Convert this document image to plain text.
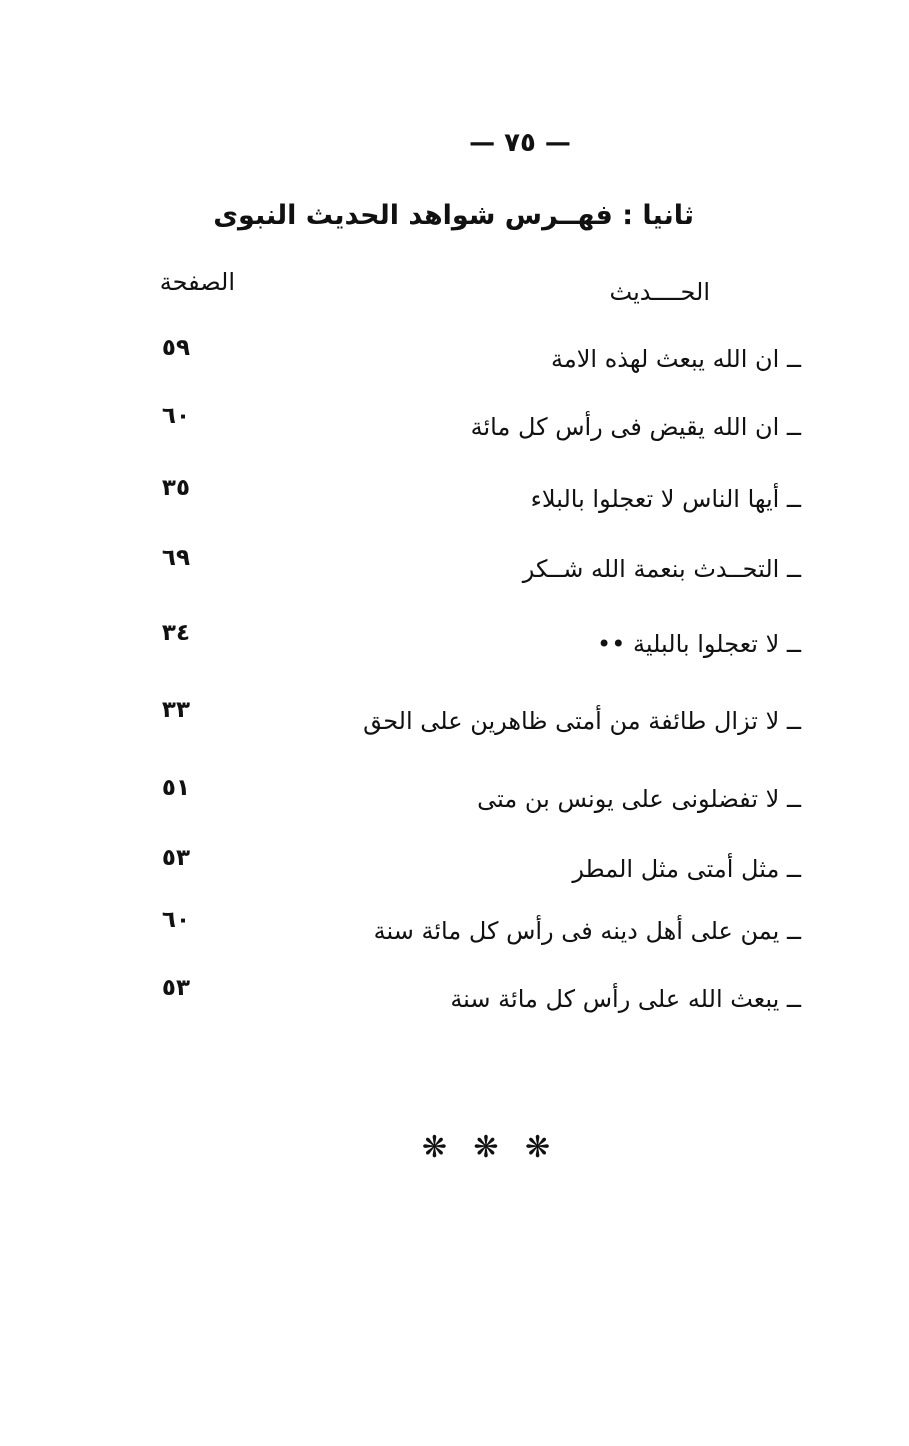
— ٧٥ —
ثانيا : فهــرس شواهد الحديث النبوى
الحــــديث
الصفحة
ــ ان الله يبعث لهذه الامة
٥٩
ــ ان الله يقيض فى رأس كل مائة
٦٠
ــ أيها الناس لا تعجلوا بالبلاء
٣٥
ــ التحــدث بنعمة الله شــكر
٦٩
ــ لا تعجلوا بالبلية ••
٣٤
ــ لا تزال طائفة من أمتى ظاهرين على الحق
٣٣
ــ لا تفضلونى على يونس بن متى
٥١
ــ مثل أمتى مثل المطر
٥٣
ــ يمن على أهل دينه فى رأس كل مائة سنة
٦٠
ــ يبعث الله على رأس كل مائة سنة
٥٣
❋ ❋ ❋
